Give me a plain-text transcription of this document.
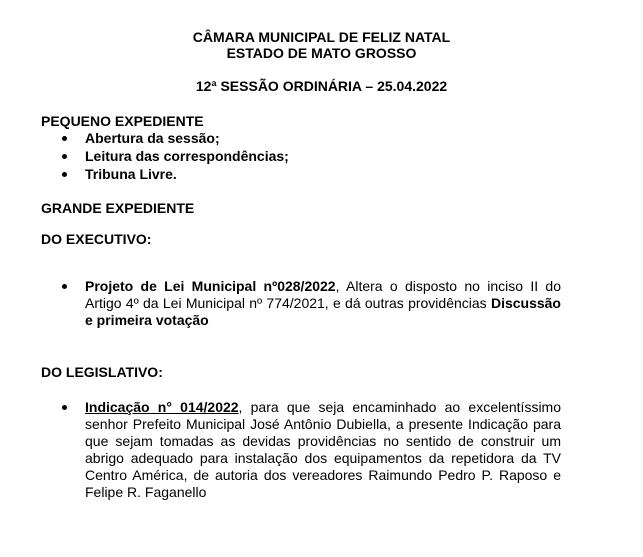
CÂMARA MUNICIPAL DE FELIZ NATAL
ESTADO DE MATO GROSSO
12ª SESSÃO ORDINÁRIA – 25.04.2022
PEQUENO EXPEDIENTE
Abertura da sessão;
Leitura das correspondências;
Tribuna Livre.
GRANDE EXPEDIENTE
DO EXECUTIVO:
Projeto de Lei Municipal nº028/2022, Altera o disposto no inciso II do Artigo 4º da Lei Municipal nº 774/2021, e dá outras providências Discussão e primeira votação
DO LEGISLATIVO:
Indicação n° 014/2022, para que seja encaminhado ao excelentíssimo senhor Prefeito Municipal José Antônio Dubiella, a presente Indicação para que sejam tomadas as devidas providências no sentido de construir um abrigo adequado para instalação dos equipamentos da repetidora da TV Centro América, de autoria dos vereadores Raimundo Pedro P. Raposo e Felipe R. Faganello
